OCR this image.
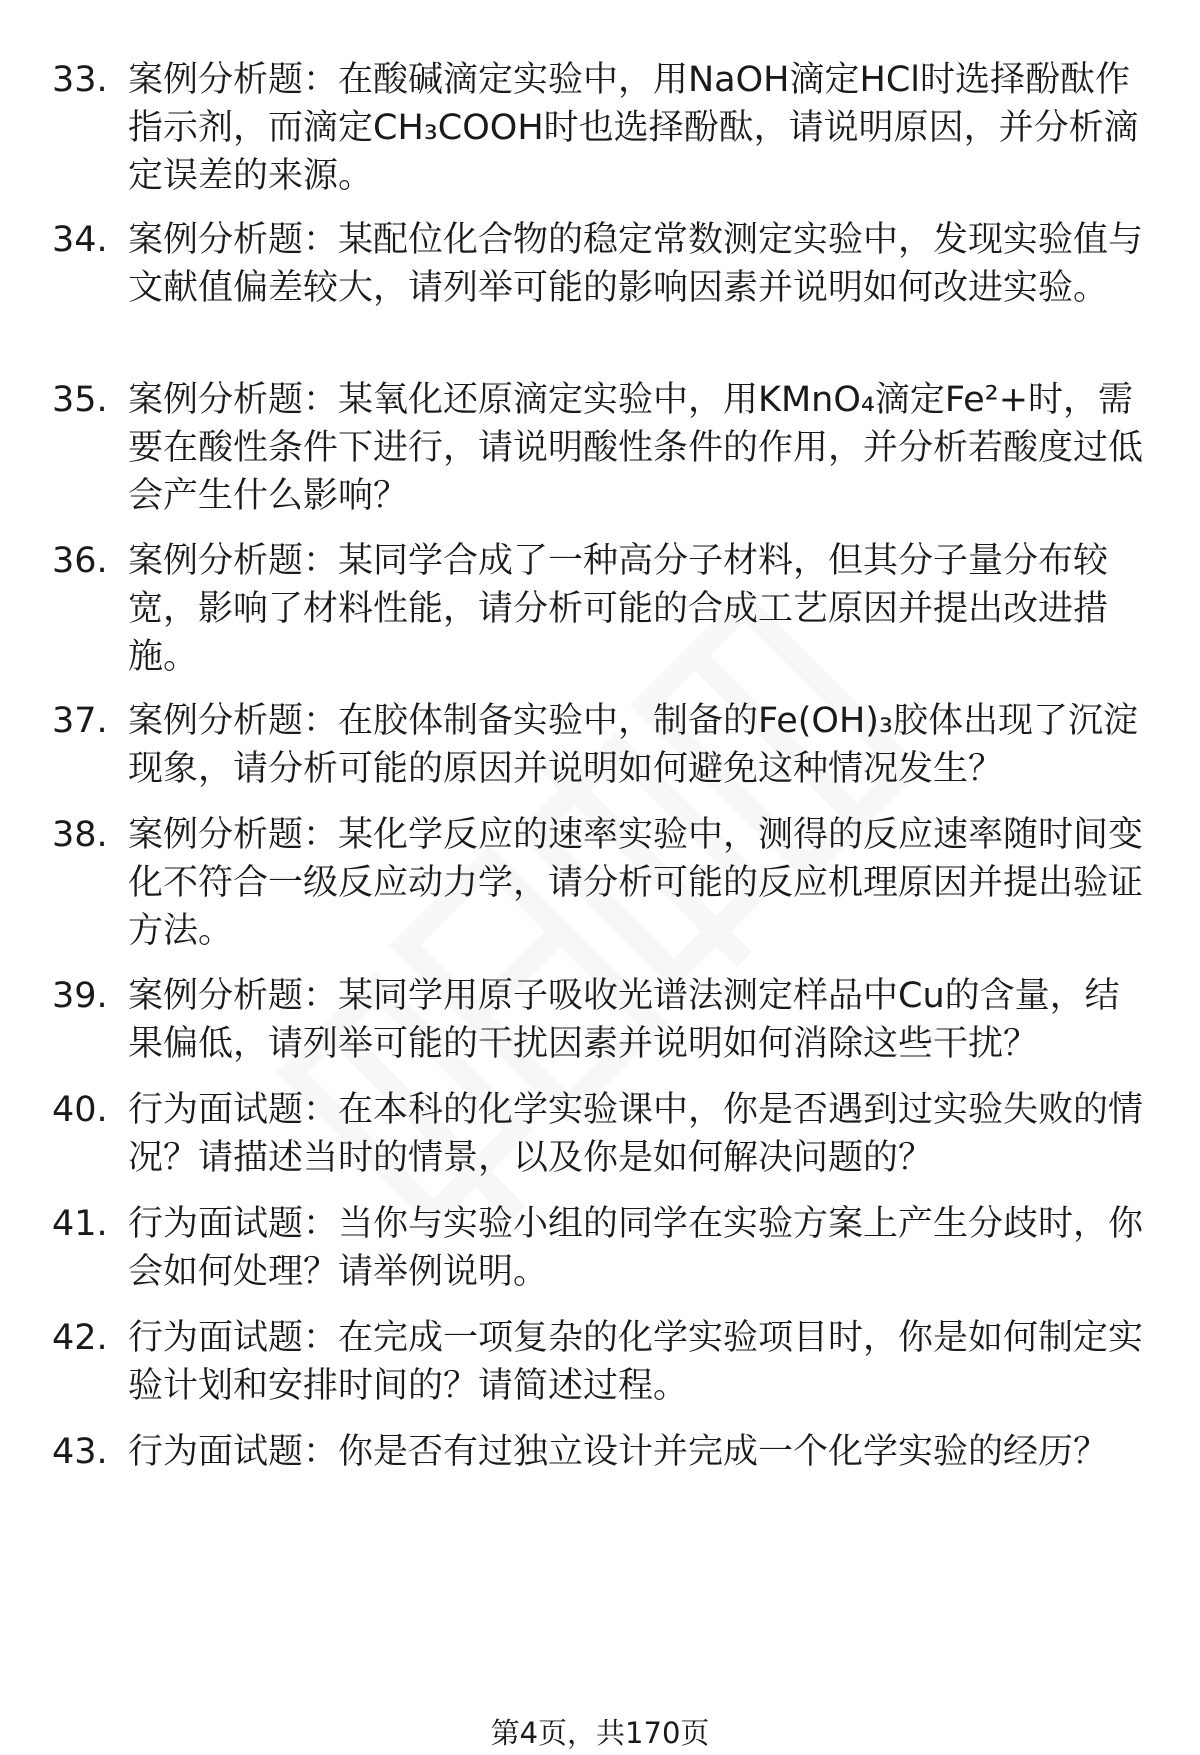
33. 案例分析题：在酸碱滴定实验中，用NaOH滴定HCl时选择酚酞作指示剂，而滴定CH₃COOH时也选择酚酞，请说明原因，并分析滴定误差的来源。
34. 案例分析题：某配位化合物的稳定常数测定实验中，发现实验值与文献值偏差较大，请列举可能的影响因素并说明如何改进实验。
35. 案例分析题：某氧化还原滴定实验中，用KMnO₄滴定Fe²+时，需要在酸性条件下进行，请说明酸性条件的作用，并分析若酸度过低会产生什么影响？
36. 案例分析题：某同学合成了一种高分子材料，但其分子量分布较宽，影响了材料性能，请分析可能的合成工艺原因并提出改进措施。
37. 案例分析题：在胶体制备实验中，制备的Fe(OH)₃胶体出现了沉淀现象，请分析可能的原因并说明如何避免这种情况发生？
38. 案例分析题：某化学反应的速率实验中，测得的反应速率随时间变化不符合一级反应动力学，请分析可能的反应机理原因并提出验证方法。
39. 案例分析题：某同学用原子吸收光谱法测定样品中Cu的含量，结果偏低，请列举可能的干扰因素并说明如何消除这些干扰？
40. 行为面试题：在本科的化学实验课中，你是否遇到过实验失败的情况？请描述当时的情景，以及你是如何解决问题的？
41. 行为面试题：当你与实验小组的同学在实验方案上产生分歧时，你会如何处理？请举例说明。
42. 行为面试题：在完成一项复杂的化学实验项目时，你是如何制定实验计划和安排时间的？请简述过程。
43. 行为面试题：你是否有过独立设计并完成一个化学实验的经历？
第4页，共170页
